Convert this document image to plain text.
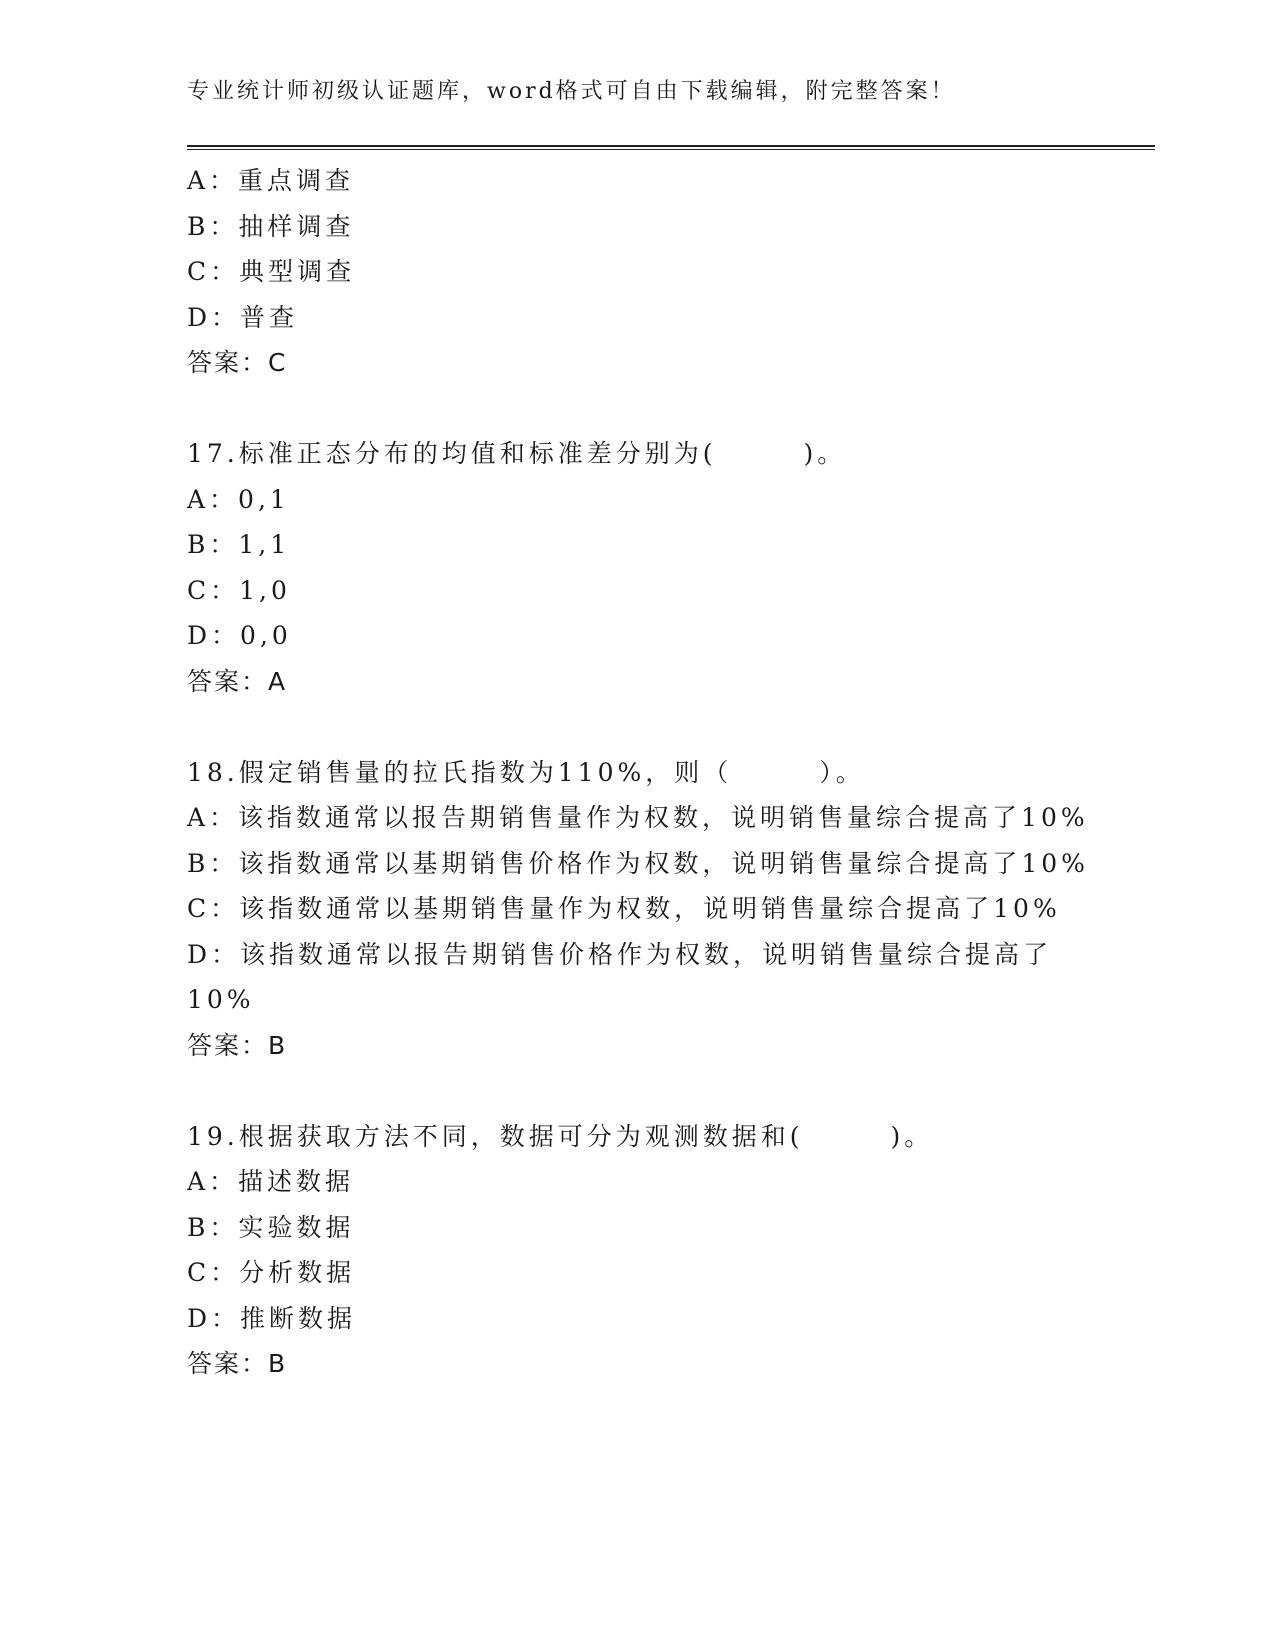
专业统计师初级认证题库，word格式可自由下载编辑，附完整答案！
A：重点调查
B：抽样调查
C：典型调查
D：普查
答案：C
17.标准正态分布的均值和标准差分别为(　　　)。
A：0,1
B：1,1
C：1,0
D：0,0
答案：A
18.假定销售量的拉氏指数为110%，则（　　　）。
A：该指数通常以报告期销售量作为权数，说明销售量综合提高了10%
B：该指数通常以基期销售价格作为权数，说明销售量综合提高了10%
C：该指数通常以基期销售量作为权数，说明销售量综合提高了10%
D：该指数通常以报告期销售价格作为权数，说明销售量综合提高了
10%
答案：B
19.根据获取方法不同，数据可分为观测数据和(　　　)。
A：描述数据
B：实验数据
C：分析数据
D：推断数据
答案：B
